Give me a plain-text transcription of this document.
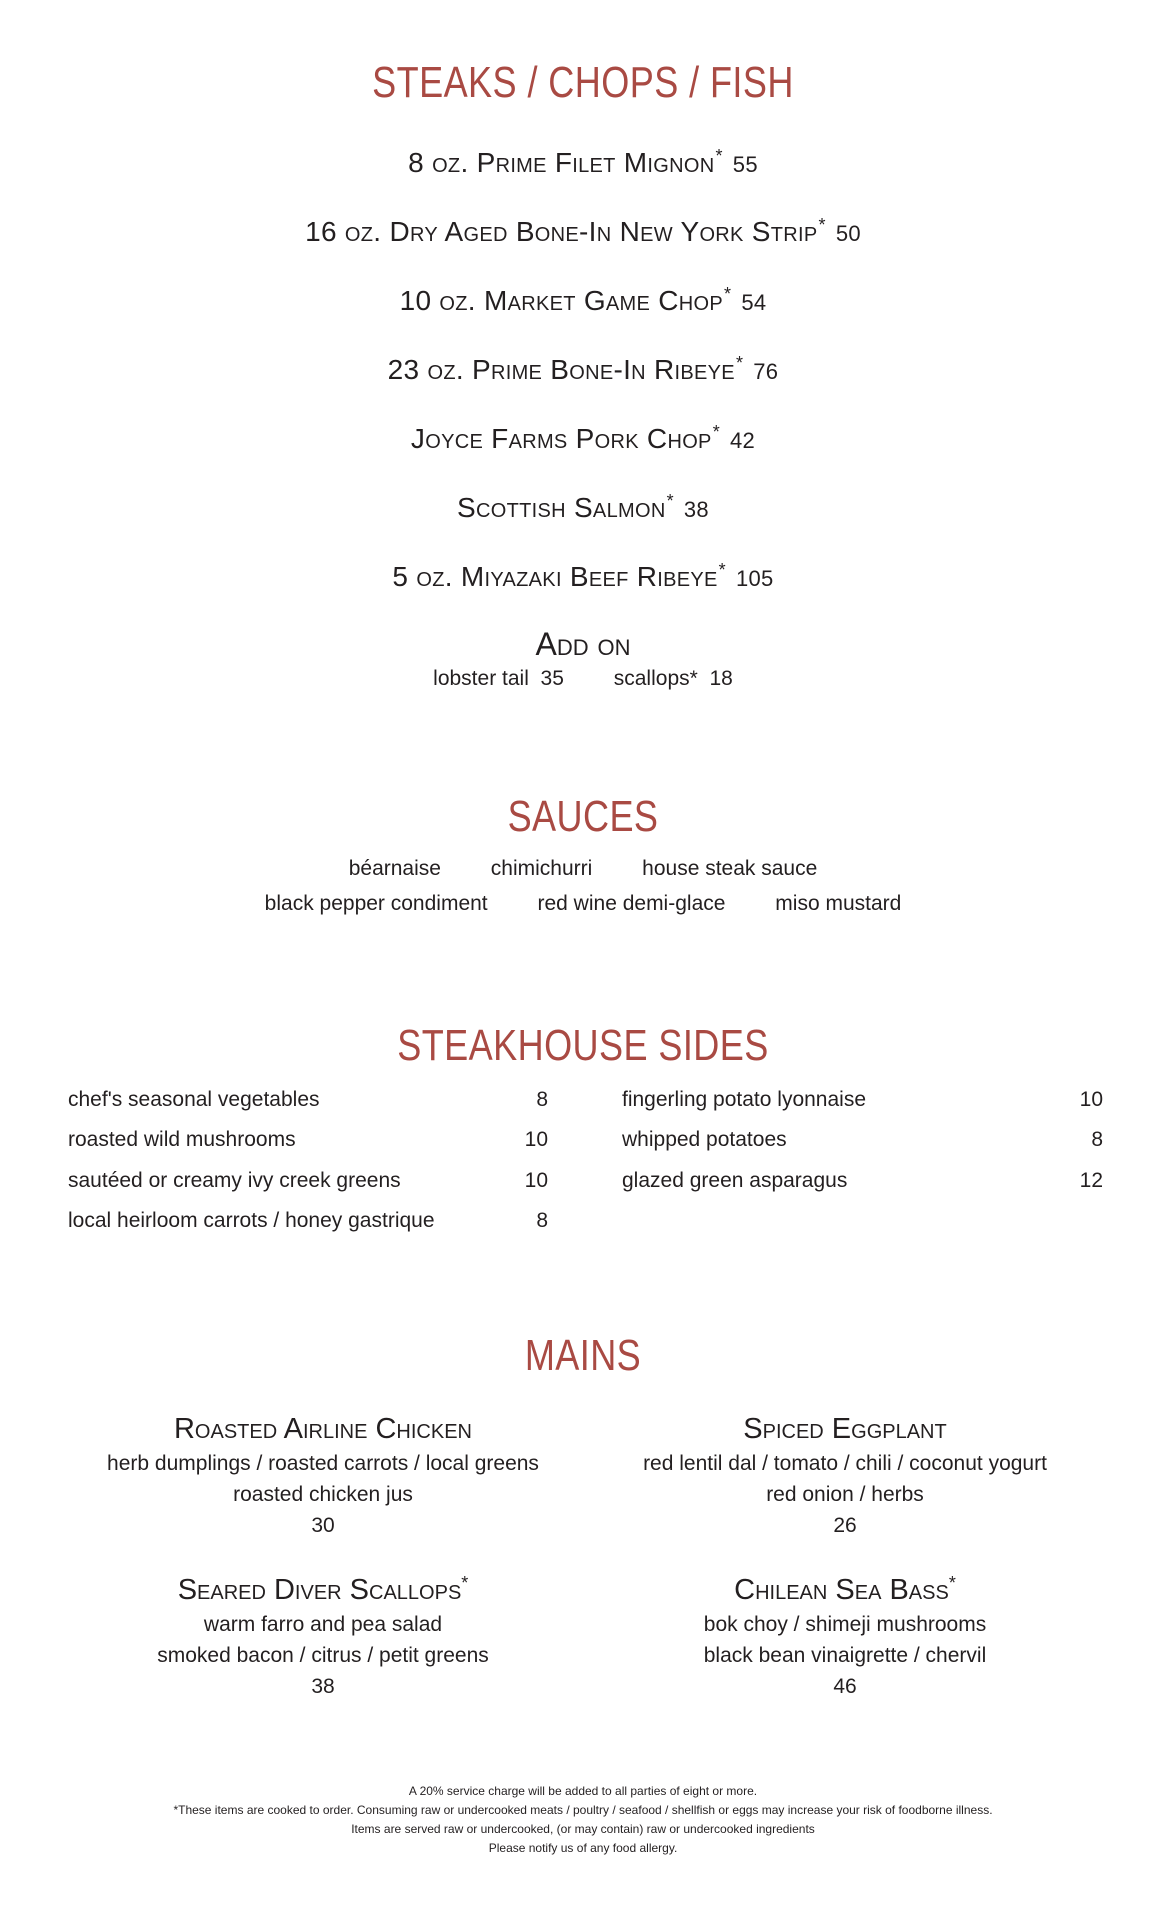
STEAKS / CHOPS / FISH
8 oz. Prime Filet Mignon* 55
16 oz. Dry Aged Bone-In New York Strip* 50
10 oz. Market Game Chop* 54
23 oz. Prime Bone-In Ribeye* 76
Joyce Farms Pork Chop* 42
Scottish Salmon* 38
5 oz. Miyazaki Beef Ribeye* 105
Add on
lobster tail 35 scallops* 18
SAUCES
béarnaise chimichurri house steak sauce
black pepper condiment red wine demi-glace miso mustard
STEAKHOUSE SIDES
chef's seasonal vegetables	8
roasted wild mushrooms	10
sautéed or creamy ivy creek greens	10
local heirloom carrots / honey gastrique	8
fingerling potato lyonnaise	10
whipped potatoes	8
glazed green asparagus	12
MAINS
Roasted Airline Chicken
herb dumplings / roasted carrots / local greens
roasted chicken jus
30
Spiced Eggplant
red lentil dal / tomato / chili / coconut yogurt
red onion / herbs
26
Seared Diver Scallops*
warm farro and pea salad
smoked bacon / citrus / petit greens
38
Chilean Sea Bass*
bok choy / shimeji mushrooms
black bean vinaigrette / chervil
46
A 20% service charge will be added to all parties of eight or more.
*These items are cooked to order. Consuming raw or undercooked meats / poultry / seafood / shellfish or eggs may increase your risk of foodborne illness.
Items are served raw or undercooked, (or may contain) raw or undercooked ingredients
Please notify us of any food allergy.
